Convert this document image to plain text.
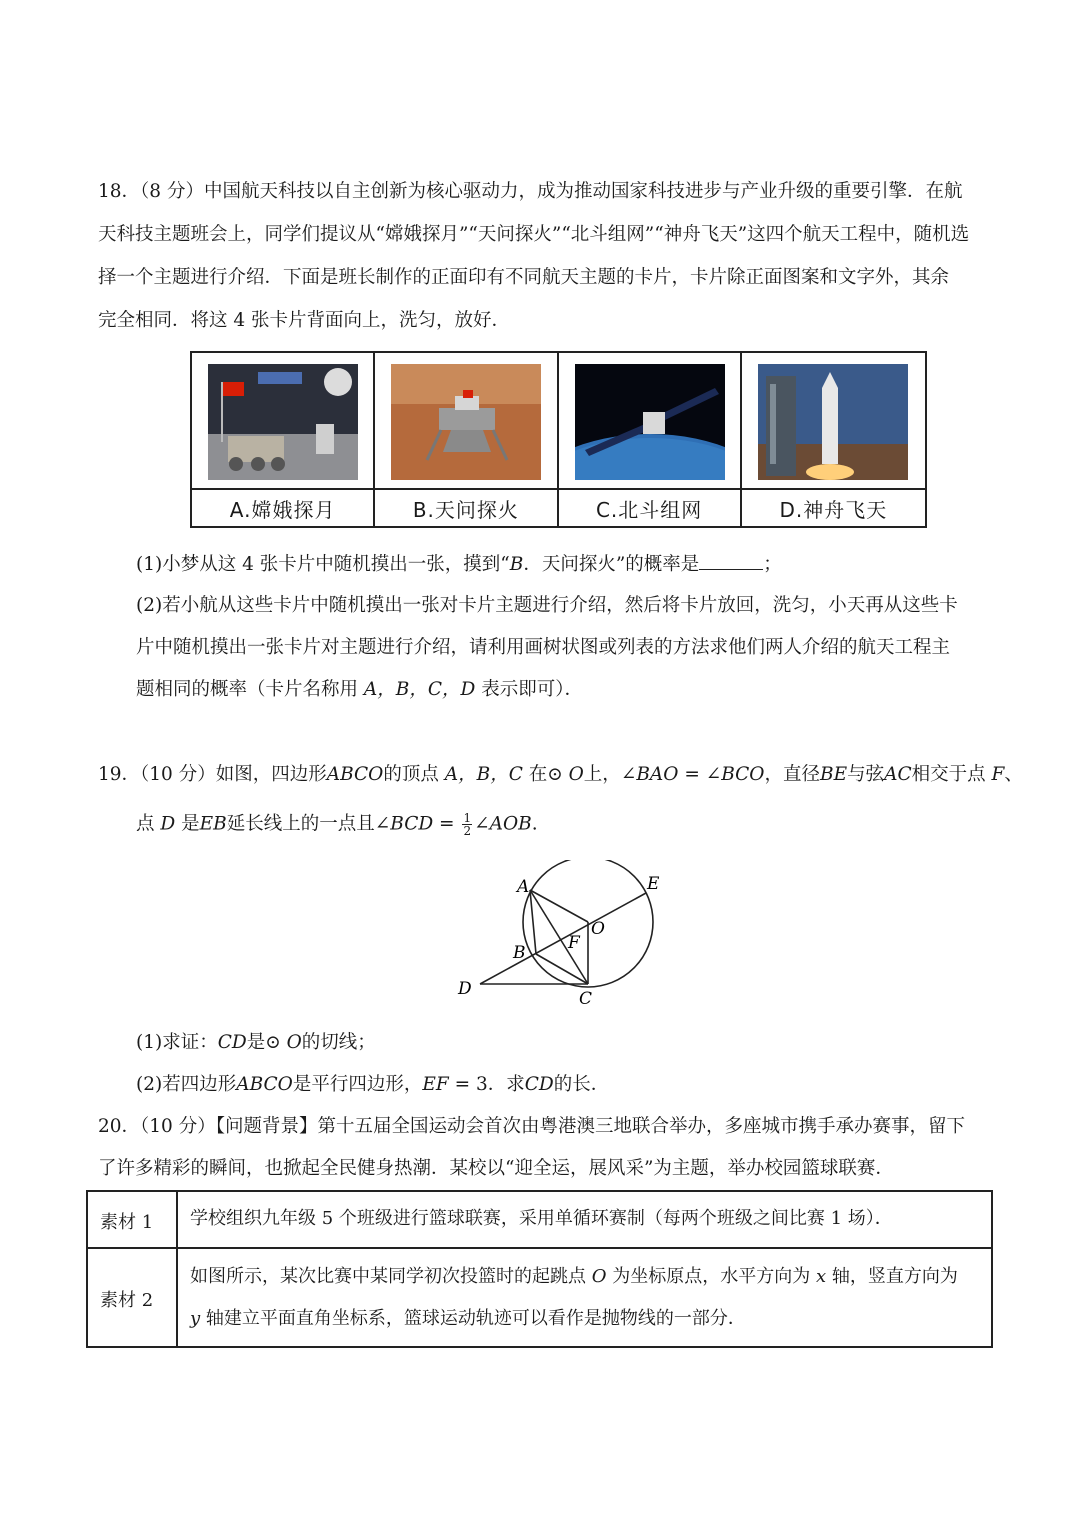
18．（8 分）中国航天科技以自主创新为核心驱动力，成为推动国家科技进步与产业升级的重要引擎．在航
天科技主题班会上，同学们提议从“嫦娥探月”“天问探火”“北斗组网”“神舟飞天”这四个航天工程中，随机选
择一个主题进行介绍．下面是班长制作的正面印有不同航天主题的卡片，卡片除正面图案和文字外，其余
完全相同．将这 4 张卡片背面向上，洗匀，放好．
A.嫦娥探月	B.天问探火	C.北斗组网	D.神舟飞天
(1)小梦从这 4 张卡片中随机摸出一张，摸到“B．天问探火”的概率是	；
(2)若小航从这些卡片中随机摸出一张对卡片主题进行介绍，然后将卡片放回，洗匀，小天再从这些卡
片中随机摸出一张卡片对主题进行介绍，请利用画树状图或列表的方法求他们两人介绍的航天工程主
题相同的概率（卡片名称用 A，B，C，D 表示即可）．
19．（10 分）如图，四边形ABCO的顶点 A，B，C 在⊙ O上，∠BAO = ∠BCO，直径BE与弦AC相交于点 F、
点 D 是EB延长线上的一点且∠BCD = $\frac{1}{2}$ ∠AOB.
A	E
O
F
B
D	C
(1)求证：CD是⊙ O的切线；
(2)若四边形ABCO是平行四边形，EF = 3．求CD的长．
20．（10 分）【问题背景】第十五届全国运动会首次由粤港澳三地联合举办，多座城市携手承办赛事，留下
了许多精彩的瞬间，也掀起全民健身热潮．某校以“迎全运，展风采”为主题，举办校园篮球联赛．
素材 1 学校组织九年级 5 个班级进行篮球联赛，采用单循环赛制（每两个班级之间比赛 1 场）．
素材 2
如图所示，某次比赛中某同学初次投篮时的起跳点 O 为坐标原点，水平方向为 x 轴，竖直方向为
y 轴建立平面直角坐标系，篮球运动轨迹可以看作是抛物线的一部分．
